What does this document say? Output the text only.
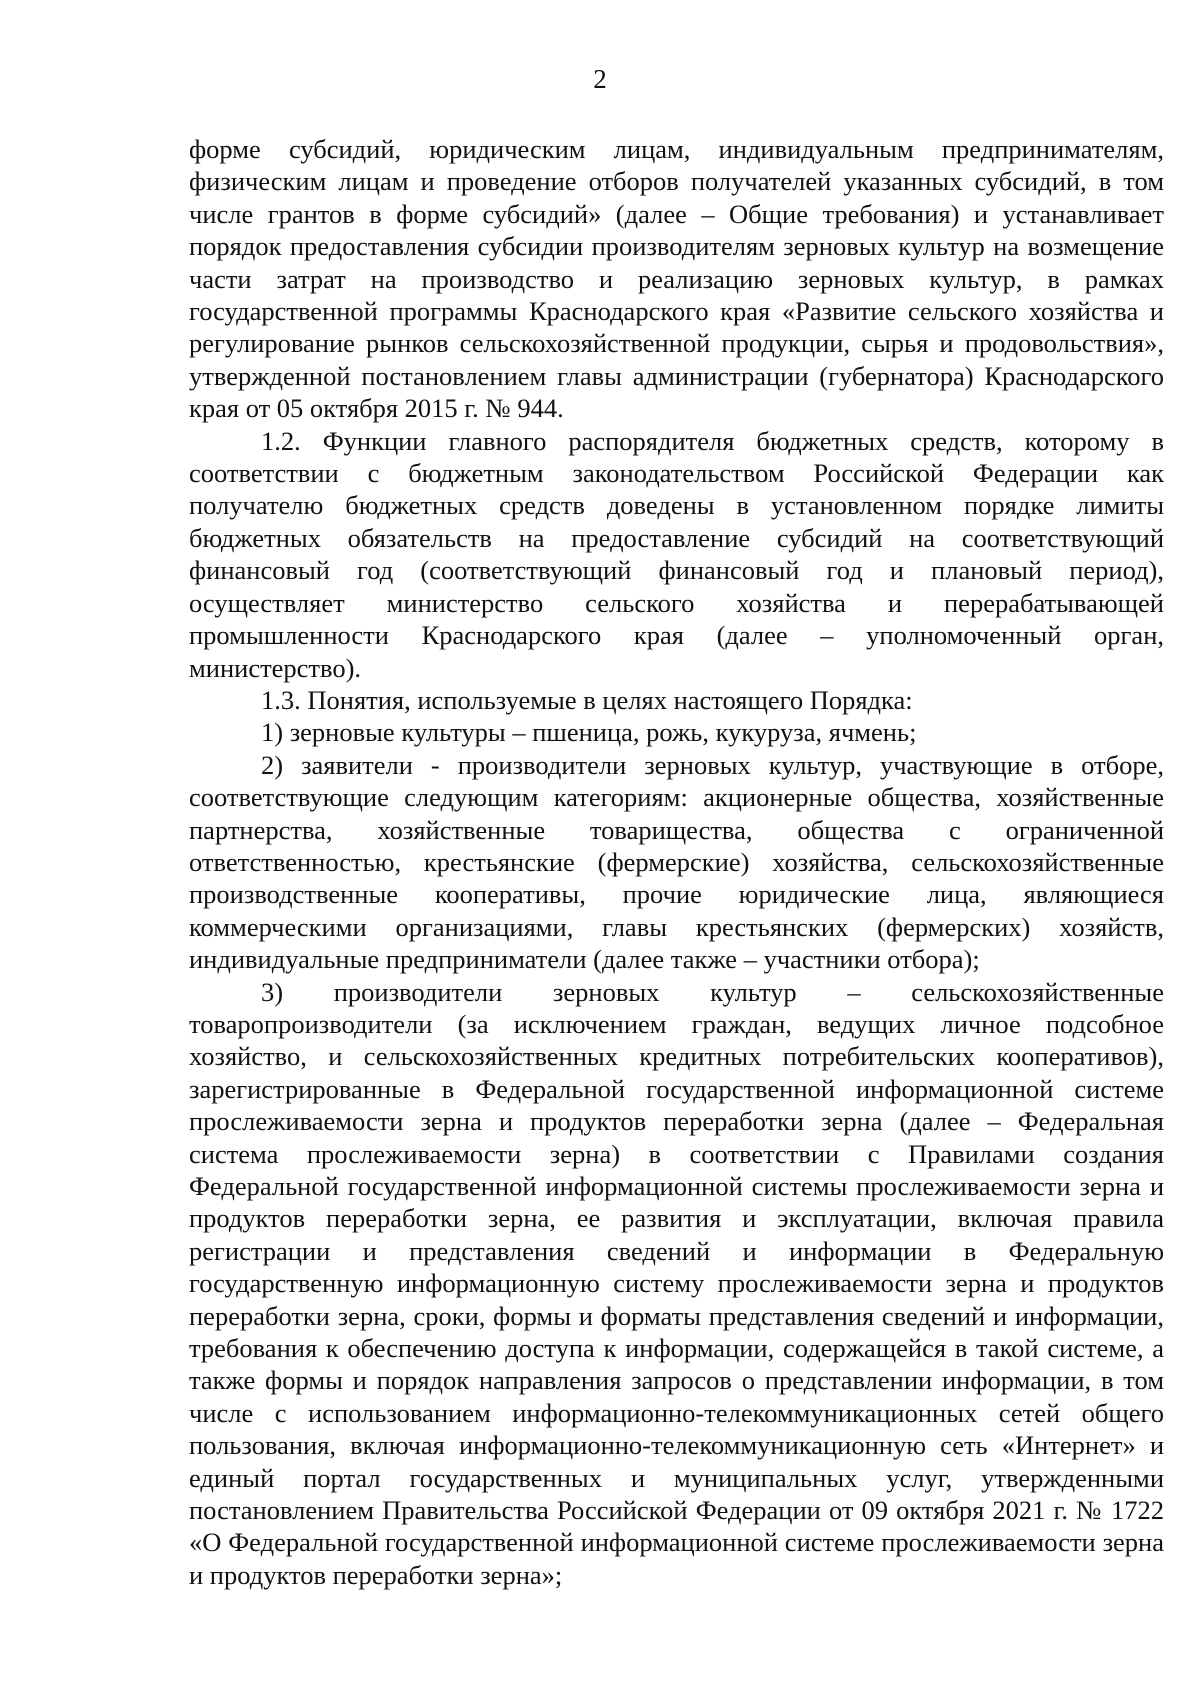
2

форме субсидий, юридическим лицам, индивидуальным предпринимателям, физическим лицам и проведение отборов получателей указанных субсидий, в том числе грантов в форме субсидий» (далее – Общие требования) и устанавливает порядок предоставления субсидии производителям зерновых культур на возмещение части затрат на производство и реализацию зерновых культур, в рамках государственной программы Краснодарского края «Развитие сельского хозяйства и регулирование рынков сельскохозяйственной продукции, сырья и продовольствия», утвержденной постановлением главы администрации (губернатора) Краснодарского края от 05 октября 2015 г. № 944.

1.2. Функции главного распорядителя бюджетных средств, которому в соответствии с бюджетным законодательством Российской Федерации как получателю бюджетных средств доведены в установленном порядке лимиты бюджетных обязательств на предоставление субсидий на соответствующий финансовый год (соответствующий финансовый год и плановый период), осуществляет министерство сельского хозяйства и перерабатывающей промышленности Краснодарского края (далее – уполномоченный орган, министерство).

1.3. Понятия, используемые в целях настоящего Порядка:

1) зерновые культуры – пшеница, рожь, кукуруза, ячмень;

2) заявители - производители зерновых культур, участвующие в отборе, соответствующие следующим категориям: акционерные общества, хозяйственные партнерства, хозяйственные товарищества, общества с ограниченной ответственностью, крестьянские (фермерские) хозяйства, сельскохозяйственные производственные кооперативы, прочие юридические лица, являющиеся коммерческими организациями, главы крестьянских (фермерских) хозяйств, индивидуальные предприниматели (далее также – участники отбора);

3) производители зерновых культур – сельскохозяйственные товаропроизводители (за исключением граждан, ведущих личное подсобное хозяйство, и сельскохозяйственных кредитных потребительских кооперативов), зарегистрированные в Федеральной государственной информационной системе прослеживаемости зерна и продуктов переработки зерна (далее – Федеральная система прослеживаемости зерна) в соответствии с Правилами создания Федеральной государственной информационной системы прослеживаемости зерна и продуктов переработки зерна, ее развития и эксплуатации, включая правила регистрации и представления сведений и информации в Федеральную государственную информационную систему прослеживаемости зерна и продуктов переработки зерна, сроки, формы и форматы представления сведений и информации, требования к обеспечению доступа к информации, содержащейся в такой системе, а также формы и порядок направления запросов о представлении информации, в том числе с использованием информационно-телекоммуникационных сетей общего пользования, включая информационно-телекоммуникационную сеть «Интернет» и единый портал государственных и муниципальных услуг, утвержденными постановлением Правительства Российской Федерации от 09 октября 2021 г. № 1722 «О Федеральной государственной информационной системе прослеживаемости зерна и продуктов переработки зерна»;
